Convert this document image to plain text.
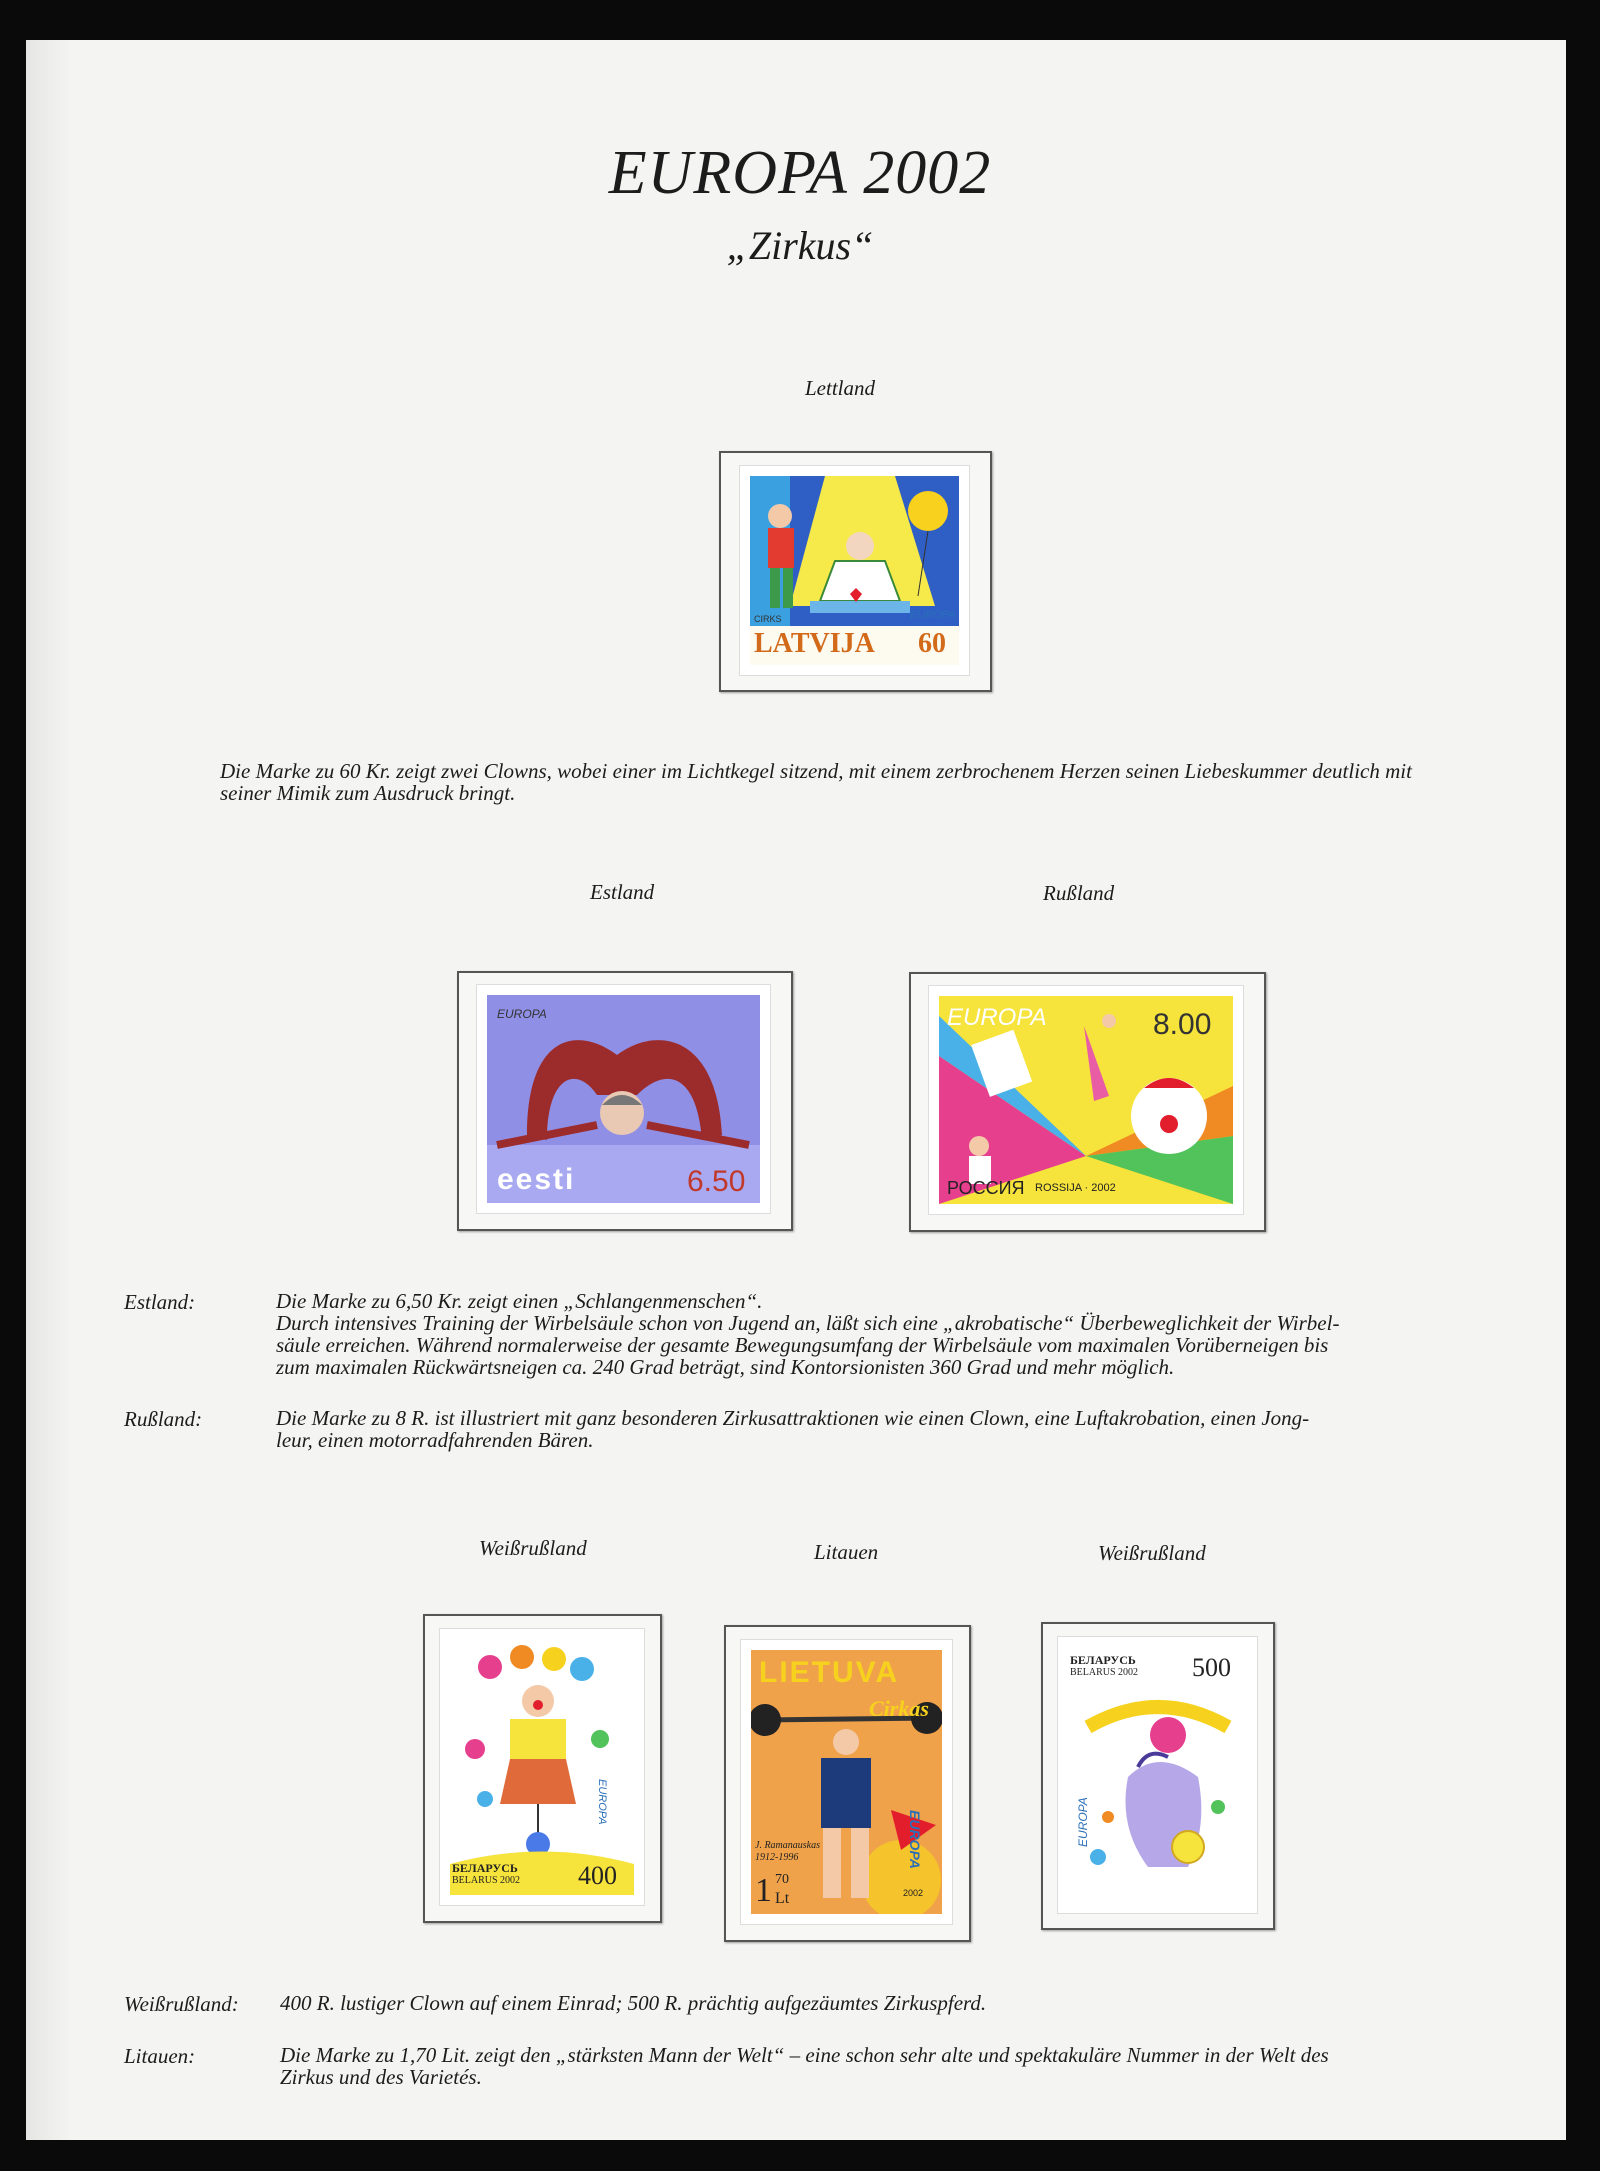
EUROPA 2002
„Zirkus“
Lettland
CIRKS	EUROPA
LATVIJA 60
Die Marke zu 60 Kr. zeigt zwei Clowns, wobei einer im Lichtkegel sitzend, mit einem zerbrochenem Herzen seinen Liebeskummer deutlich mit seiner Mimik zum Ausdruck bringt.
Estland	Rußland
EUROPA
eesti	6.50
EUROPA	8.00
РОССИЯ ROSSIJA · 2002
Estland:	Die Marke zu 6,50 Kr. zeigt einen „Schlangenmenschen“.
Durch intensives Training der Wirbelsäule schon von Jugend an, läßt sich eine „akrobatische“ Überbeweglichkeit der Wirbel-
säule erreichen. Während normalerweise der gesamte Bewegungsumfang der Wirbelsäule vom maximalen Vorüberneigen bis
zum maximalen Rückwärtsneigen ca. 240 Grad beträgt, sind Kontorsionisten 360 Grad und mehr möglich.
Rußland:	Die Marke zu 8 R. ist illustriert mit ganz besonderen Zirkusattraktionen wie einen Clown, eine Luftakrobation, einen Jong-
leur, einen motorradfahrenden Bären.
Weißrußland	Litauen	Weißrußland
БЕЛАРУСЬ
BELARUS 2002 400
EUROPA
LIETUVA
Cirkas
J. Ramanauskas
1912-1996
1 70
Lt
EUROPA
2002
БЕЛАРУСЬ
BELARUS 2002 500
EUROPA
Weißrußland: 400 R. lustiger Clown auf einem Einrad; 500 R. prächtig aufgezäumtes Zirkuspferd.
Litauen:	Die Marke zu 1,70 Lit. zeigt den „stärksten Mann der Welt“ – eine schon sehr alte und spektakuläre Nummer in der Welt des
Zirkus und des Varietés.
